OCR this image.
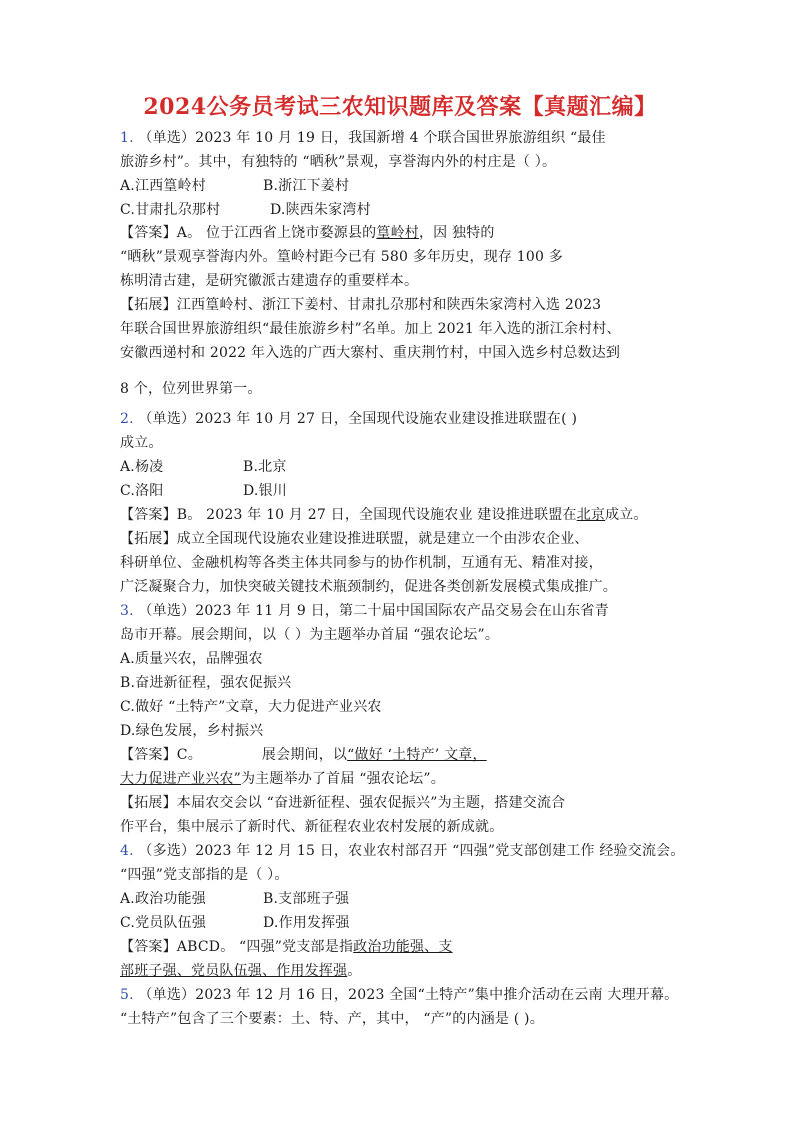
2024公务员考试三农知识题库及答案【真题汇编】
1. （单选）2023 年 10 月 19 日，我国新增 4 个联合国世界旅游组织 “最佳
旅游乡村”。其中，有独特的 “晒秋”景观，享誉海内外的村庄是（ ）。
A.江西篁岭村	B.浙江下姜村
C.甘肃扎尕那村	D.陕西朱家湾村
【答案】A。 位于江西省上饶市婺源县的篁岭村，因 独特的
“晒秋”景观享誉海内外。篁岭村距今已有 580 多年历史，现存 100 多
栋明清古建，是研究徽派古建遗存的重要样本。
【拓展】江西篁岭村、浙江下姜村、甘肃扎尕那村和陕西朱家湾村入选 2023
年联合国世界旅游组织“最佳旅游乡村”名单。加上 2021 年入选的浙江余村村、
安徽西递村和 2022 年入选的广西大寨村、重庆荆竹村，中国入选乡村总数达到
8 个，位列世界第一。
2. （单选）2023 年 10 月 27 日，全国现代设施农业建设推进联盟在( )
成立。
A.杨凌	B.北京
C.洛阳	D.银川
【答案】B。 2023 年 10 月 27 日，全国现代设施农业 建设推进联盟在北京成立。
【拓展】成立全国现代设施农业建设推进联盟，就是建立一个由涉农企业、
科研单位、金融机构等各类主体共同参与的协作机制，互通有无、精准对接，
广泛凝聚合力，加快突破关键技术瓶颈制约，促进各类创新发展模式集成推广。
3. （单选）2023 年 11 月 9 日，第二十届中国国际农产品交易会在山东省青
岛市开幕。展会期间，以（ ）为主题举办首届 “强农论坛”。
A.质量兴农，品牌强农
B.奋进新征程，强农促振兴
C.做好 “土特产”文章，大力促进产业兴农
D.绿色发展，乡村振兴
【答案】C。	展会期间，以“做好 ‘土特产’ 文章，
大力促进产业兴农”为主题举办了首届 “强农论坛”。
【拓展】本届农交会以 “奋进新征程、强农促振兴”为主题，搭建交流合
作平台，集中展示了新时代、新征程农业农村发展的新成就。
4. （多选）2023 年 12 月 15 日，农业农村部召开 “四强”党支部创建工作 经验交流会。
“四强”党支部指的是（ ）。
A.政治功能强	B.支部班子强
C.党员队伍强	D.作用发挥强
【答案】ABCD。 “四强”党支部是指政治功能强、支
部班子强、党员队伍强、作用发挥强。
5. （单选）2023 年 12 月 16 日，2023 全国“土特产”集中推介活动在云南 大理开幕。
“土特产”包含了三个要素：土、特、产，其中， “产”的内涵是 ( )。
